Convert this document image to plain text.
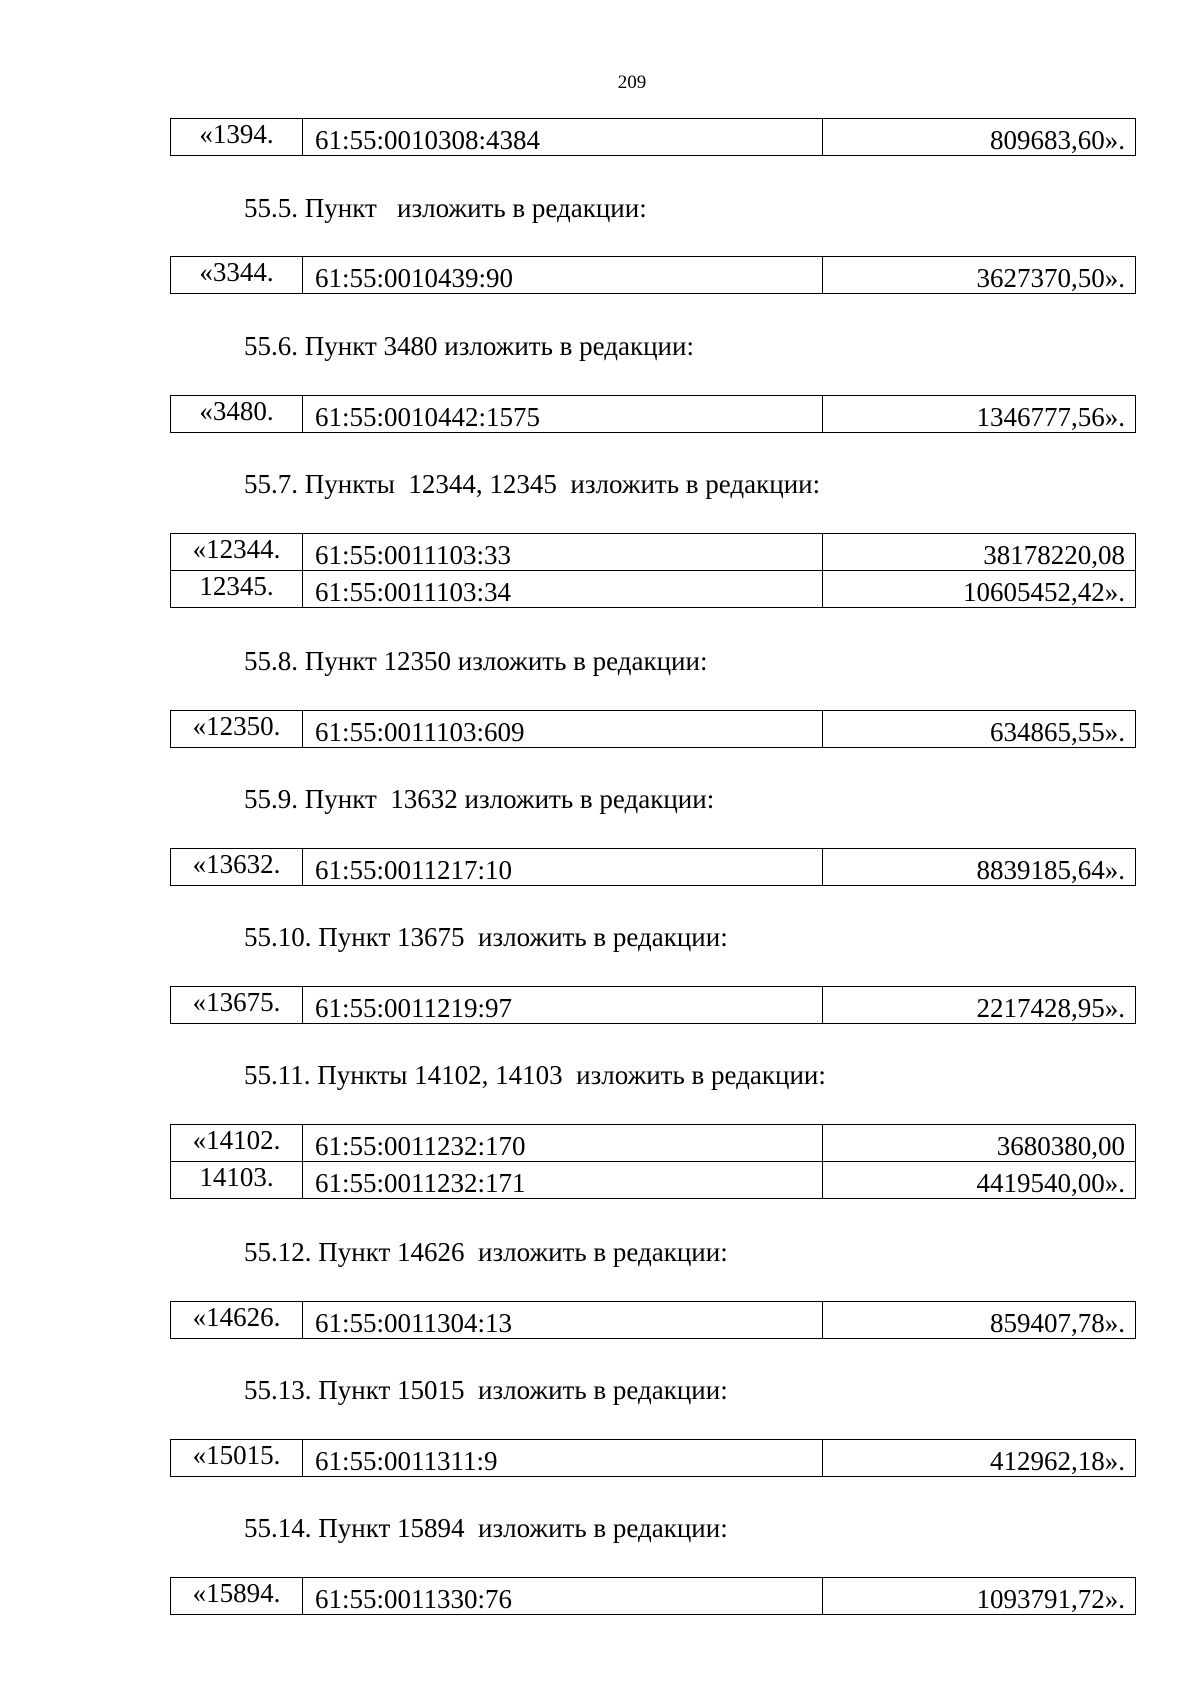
209
«1394.	61:55:0010308:4384	809683,60».
55.5. Пункт   изложить в редакции:
«3344.	61:55:0010439:90	3627370,50».
55.6. Пункт 3480 изложить в редакции:
«3480.	61:55:0010442:1575	1346777,56».
55.7. Пункты  12344, 12345  изложить в редакции:
«12344.	61:55:0011103:33	38178220,08
12345.	61:55:0011103:34	10605452,42».
55.8. Пункт 12350 изложить в редакции:
«12350.	61:55:0011103:609	634865,55».
55.9. Пункт  13632 изложить в редакции:
«13632.	61:55:0011217:10	8839185,64».
55.10. Пункт 13675  изложить в редакции:
«13675.	61:55:0011219:97	2217428,95».
55.11. Пункты 14102, 14103  изложить в редакции:
«14102.	61:55:0011232:170	3680380,00
14103.	61:55:0011232:171	4419540,00».
55.12. Пункт 14626  изложить в редакции:
«14626.	61:55:0011304:13	859407,78».
55.13. Пункт 15015  изложить в редакции:
«15015.	61:55:0011311:9	412962,18».
55.14. Пункт 15894  изложить в редакции:
«15894.	61:55:0011330:76	1093791,72».
